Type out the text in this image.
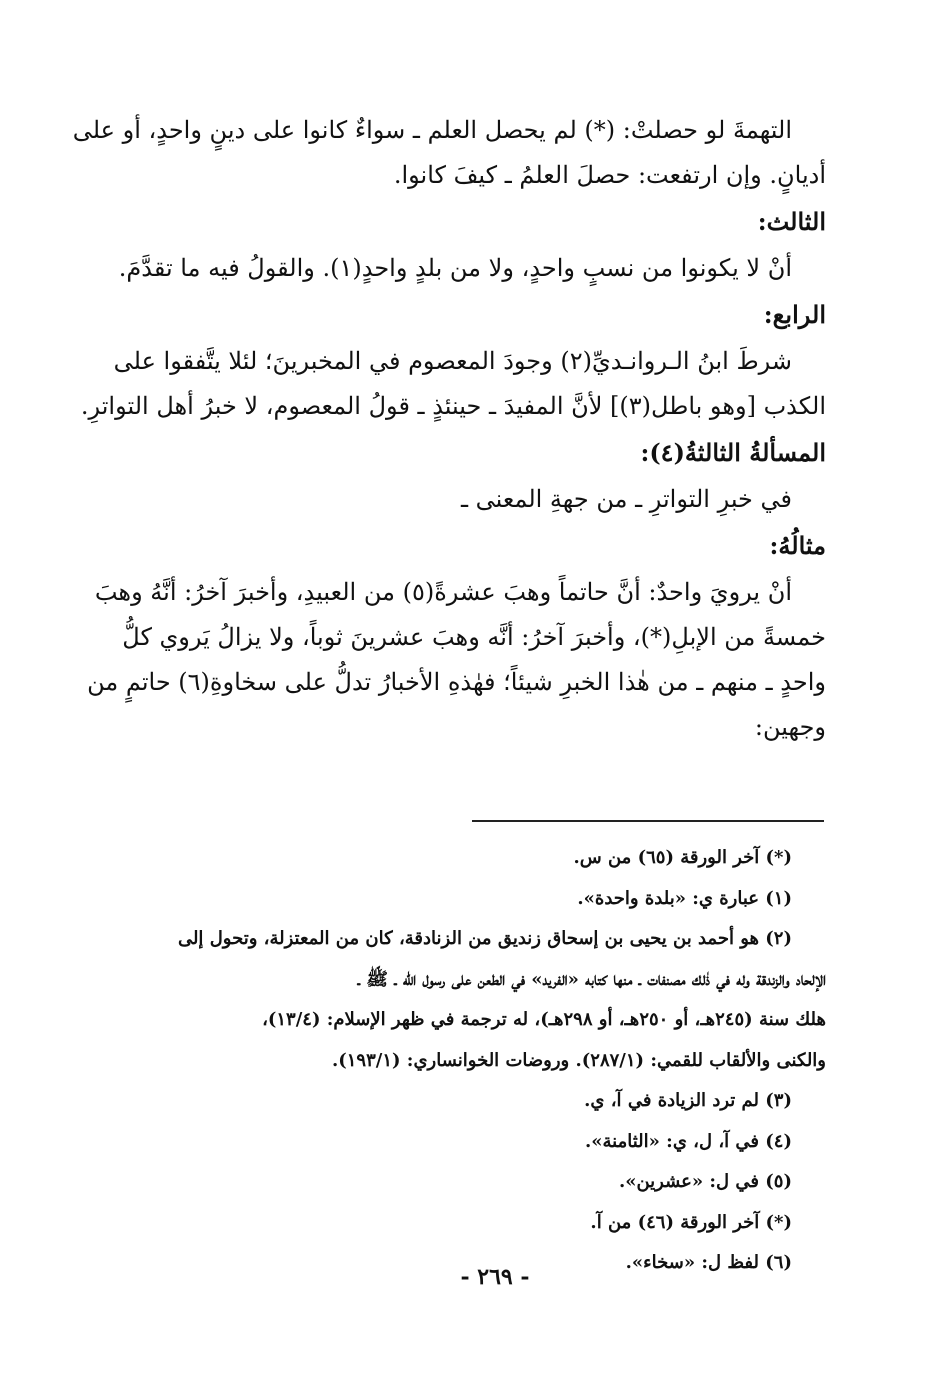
التهمةَ لو حصلتْ: (*) لم يحصل العلم ـ سواءٌ كانوا على دينٍ واحدٍ، أو على
أديانٍ. وإن ارتفعت: حصلَ العلمُ ـ كيفَ كانوا.
الثالث:
أنْ لا يكونوا من نسبٍ واحدٍ، ولا من بلدٍ واحدٍ(١). والقولُ فيه ما تقدَّمَ.
الرابع:
شرطَ ابنُ الـروانـديِّ(٢) وجودَ المعصوم في المخبرينَ؛ لئلا يتَّفقوا على
الكذب [وهو باطل(٣)] لأنَّ المفيدَ ـ حينئذٍ ـ قولُ المعصوم، لا خبرُ أهل التواترِ.
المسألةُ الثالثةُ(٤):
في خبرِ التواترِ ـ من جهةِ المعنى ـ
مثالُهُ:
أنْ يرويَ واحدٌ: أنَّ حاتماً وهبَ عشرةً(٥) من العبيدِ، وأخبرَ آخرُ: أنَّهُ وهبَ
خمسةً من الإبلِ(*)، وأخبرَ آخرُ: أنَّه وهبَ عشرينَ ثوباً، ولا يزالُ يَروي كلُّ
واحدٍ ـ منهم ـ من هٰذا الخبرِ شيئاً؛ فهٰذهِ الأخبارُ تدلُّ على سخاوةِ(٦) حاتمٍ من
وجهين:
(*) آخر الورقة (٦٥) من س.
(١) عبارة ي: «بلدة واحدة».
(٢) هو أحمد بن يحيى بن إسحاق زنديق من الزنادقة، كان من المعتزلة، وتحول إلى
الإلحاد والزندقة وله في ذٰلك مصنفات ـ منها كتابه «الفريد» في الطعن على رسول الله ـ ﷺ ـ
هلك سنة (٢٤٥هـ، أو ٢٥٠هـ، أو ٢٩٨هـ)، له ترجمة في ظهر الإسلام: (١٣/٤)،
والكنى والألقاب للقمي: (٢٨٧/١). وروضات الخوانساري: (١٩٣/١).
(٣) لم ترد الزيادة في آ، ي.
(٤) في آ، ل، ي: «الثامنة».
(٥) في ل: «عشرين».
(*) آخر الورقة (٤٦) من آ.
(٦) لفظ ل: «سخاء».
- ٢٦٩ -
